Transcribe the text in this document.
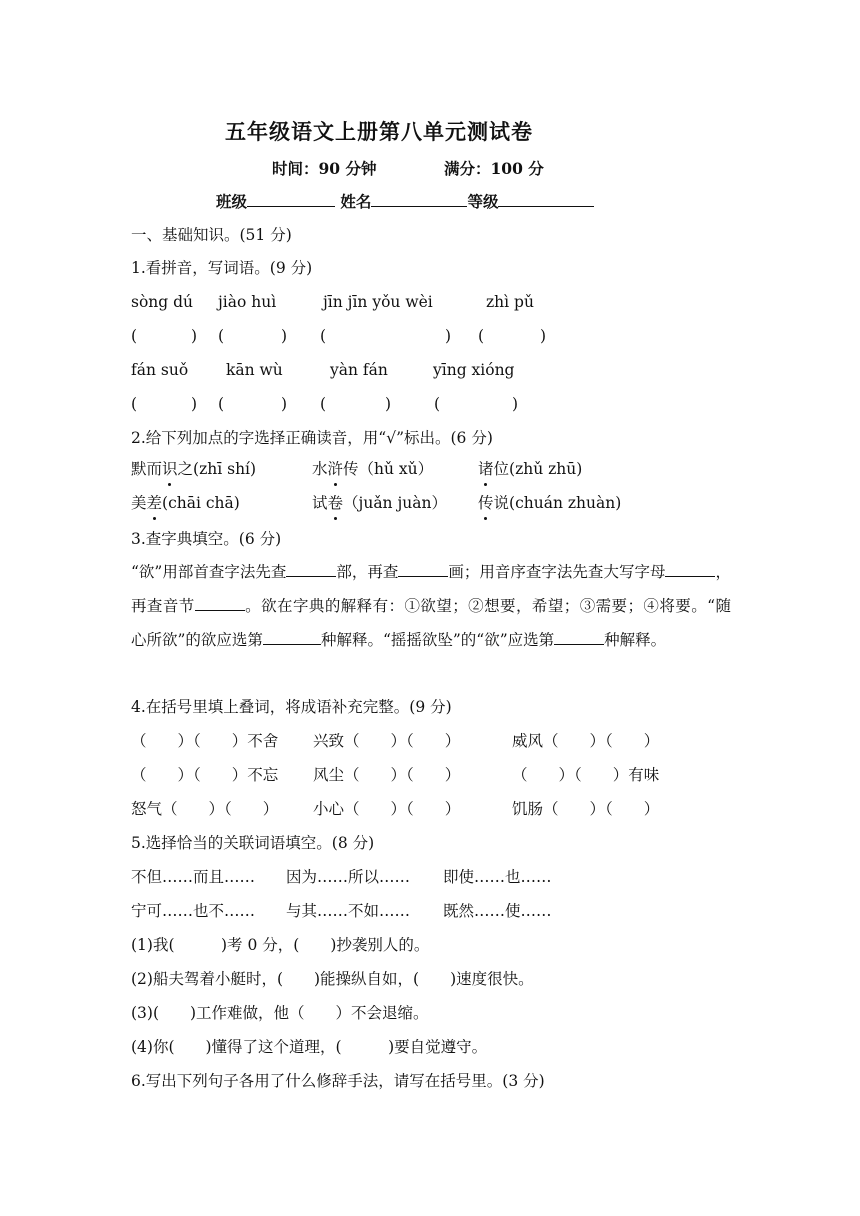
五年级语文上册第八单元测试卷
时间：90 分钟	满分：100 分
班级	姓名	等级
一、基础知识。(51 分)
1.看拼音，写词语。(9 分)
sòng dú jiào huì	jīn jīn yǒu wèi	zhì pǔ
(	) (	) (	) (	)
fán suǒ kān wù	yàn fán	yīng xióng
(	) (	) (	)	(	)
2.给下列加点的字选择正确读音，用“√”标出。(6 分)
默而识之(zhī shí)	水浒传（hǔ xǔ）	诸位(zhǔ zhū)
美差(chāi chā)	试卷（juǎn juàn） 传说(chuán zhuàn)
3.查字典填空。(6 分)
“欲”用部首查字法先查	部，再查	画；用音序查字法先查大写字母	，再查音节	。欲在字典的解释有：①欲望；②想要，希望；③需要；④将要。“随心所欲”的欲应选第	种解释。“摇摇欲坠”的“欲”应选第	种解释。
4.在括号里填上叠词，将成语补充完整。(9 分)
（　　）（　　）不舍 兴致（　　）（　　）	威风（　　）（　　）
（　　）（　　）不忘 风尘（　　）（　　）	（　　）（　　）有味
怒气（　　）（　　） 小心（　　）（　　）	饥肠（　　）（　　）
5.选择恰当的关联词语填空。(8 分)
不但……而且…… 因为……所以…… 即使……也……
宁可……也不…… 与其……不如…… 既然……使……
(1)我(　　　)考 0 分，(　　)抄袭别人的。
(2)船夫驾着小艇时，(　　)能操纵自如，(　　)速度很快。
(3)(　　)工作难做，他（　　）不会退缩。
(4)你(　　)懂得了这个道理，(　　　)要自觉遵守。
6.写出下列句子各用了什么修辞手法，请写在括号里。(3 分)
